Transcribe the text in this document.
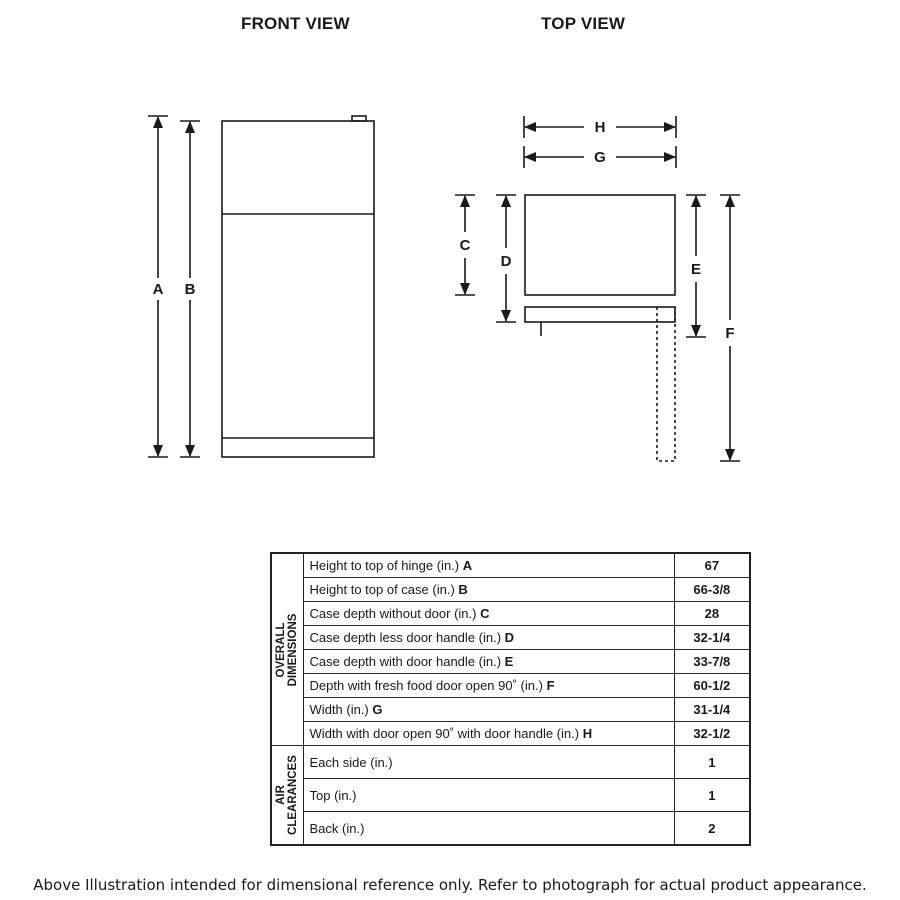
FRONT VIEW	TOP VIEW
A B
H
G
C
D	E
F
OVERALL DIMENSIONS	Height to top of hinge (in.) A	67
	Height to top of case (in.) B	66-3/8
	Case depth without door (in.) C	28
	Case depth less door handle (in.) D	32-1/4
	Case depth with door handle (in.) E	33-7/8
	Depth with fresh food door open 90˚ (in.) F	60-1/2
	Width (in.) G	31-1/4
	Width with door open 90˚ with door handle (in.) H	32-1/2

AIR CLEARANCES	Each side (in.)	1
	Top (in.)	1
	Back (in.)	2
Above Illustration intended for dimensional reference only. Refer to photograph for actual product appearance.
